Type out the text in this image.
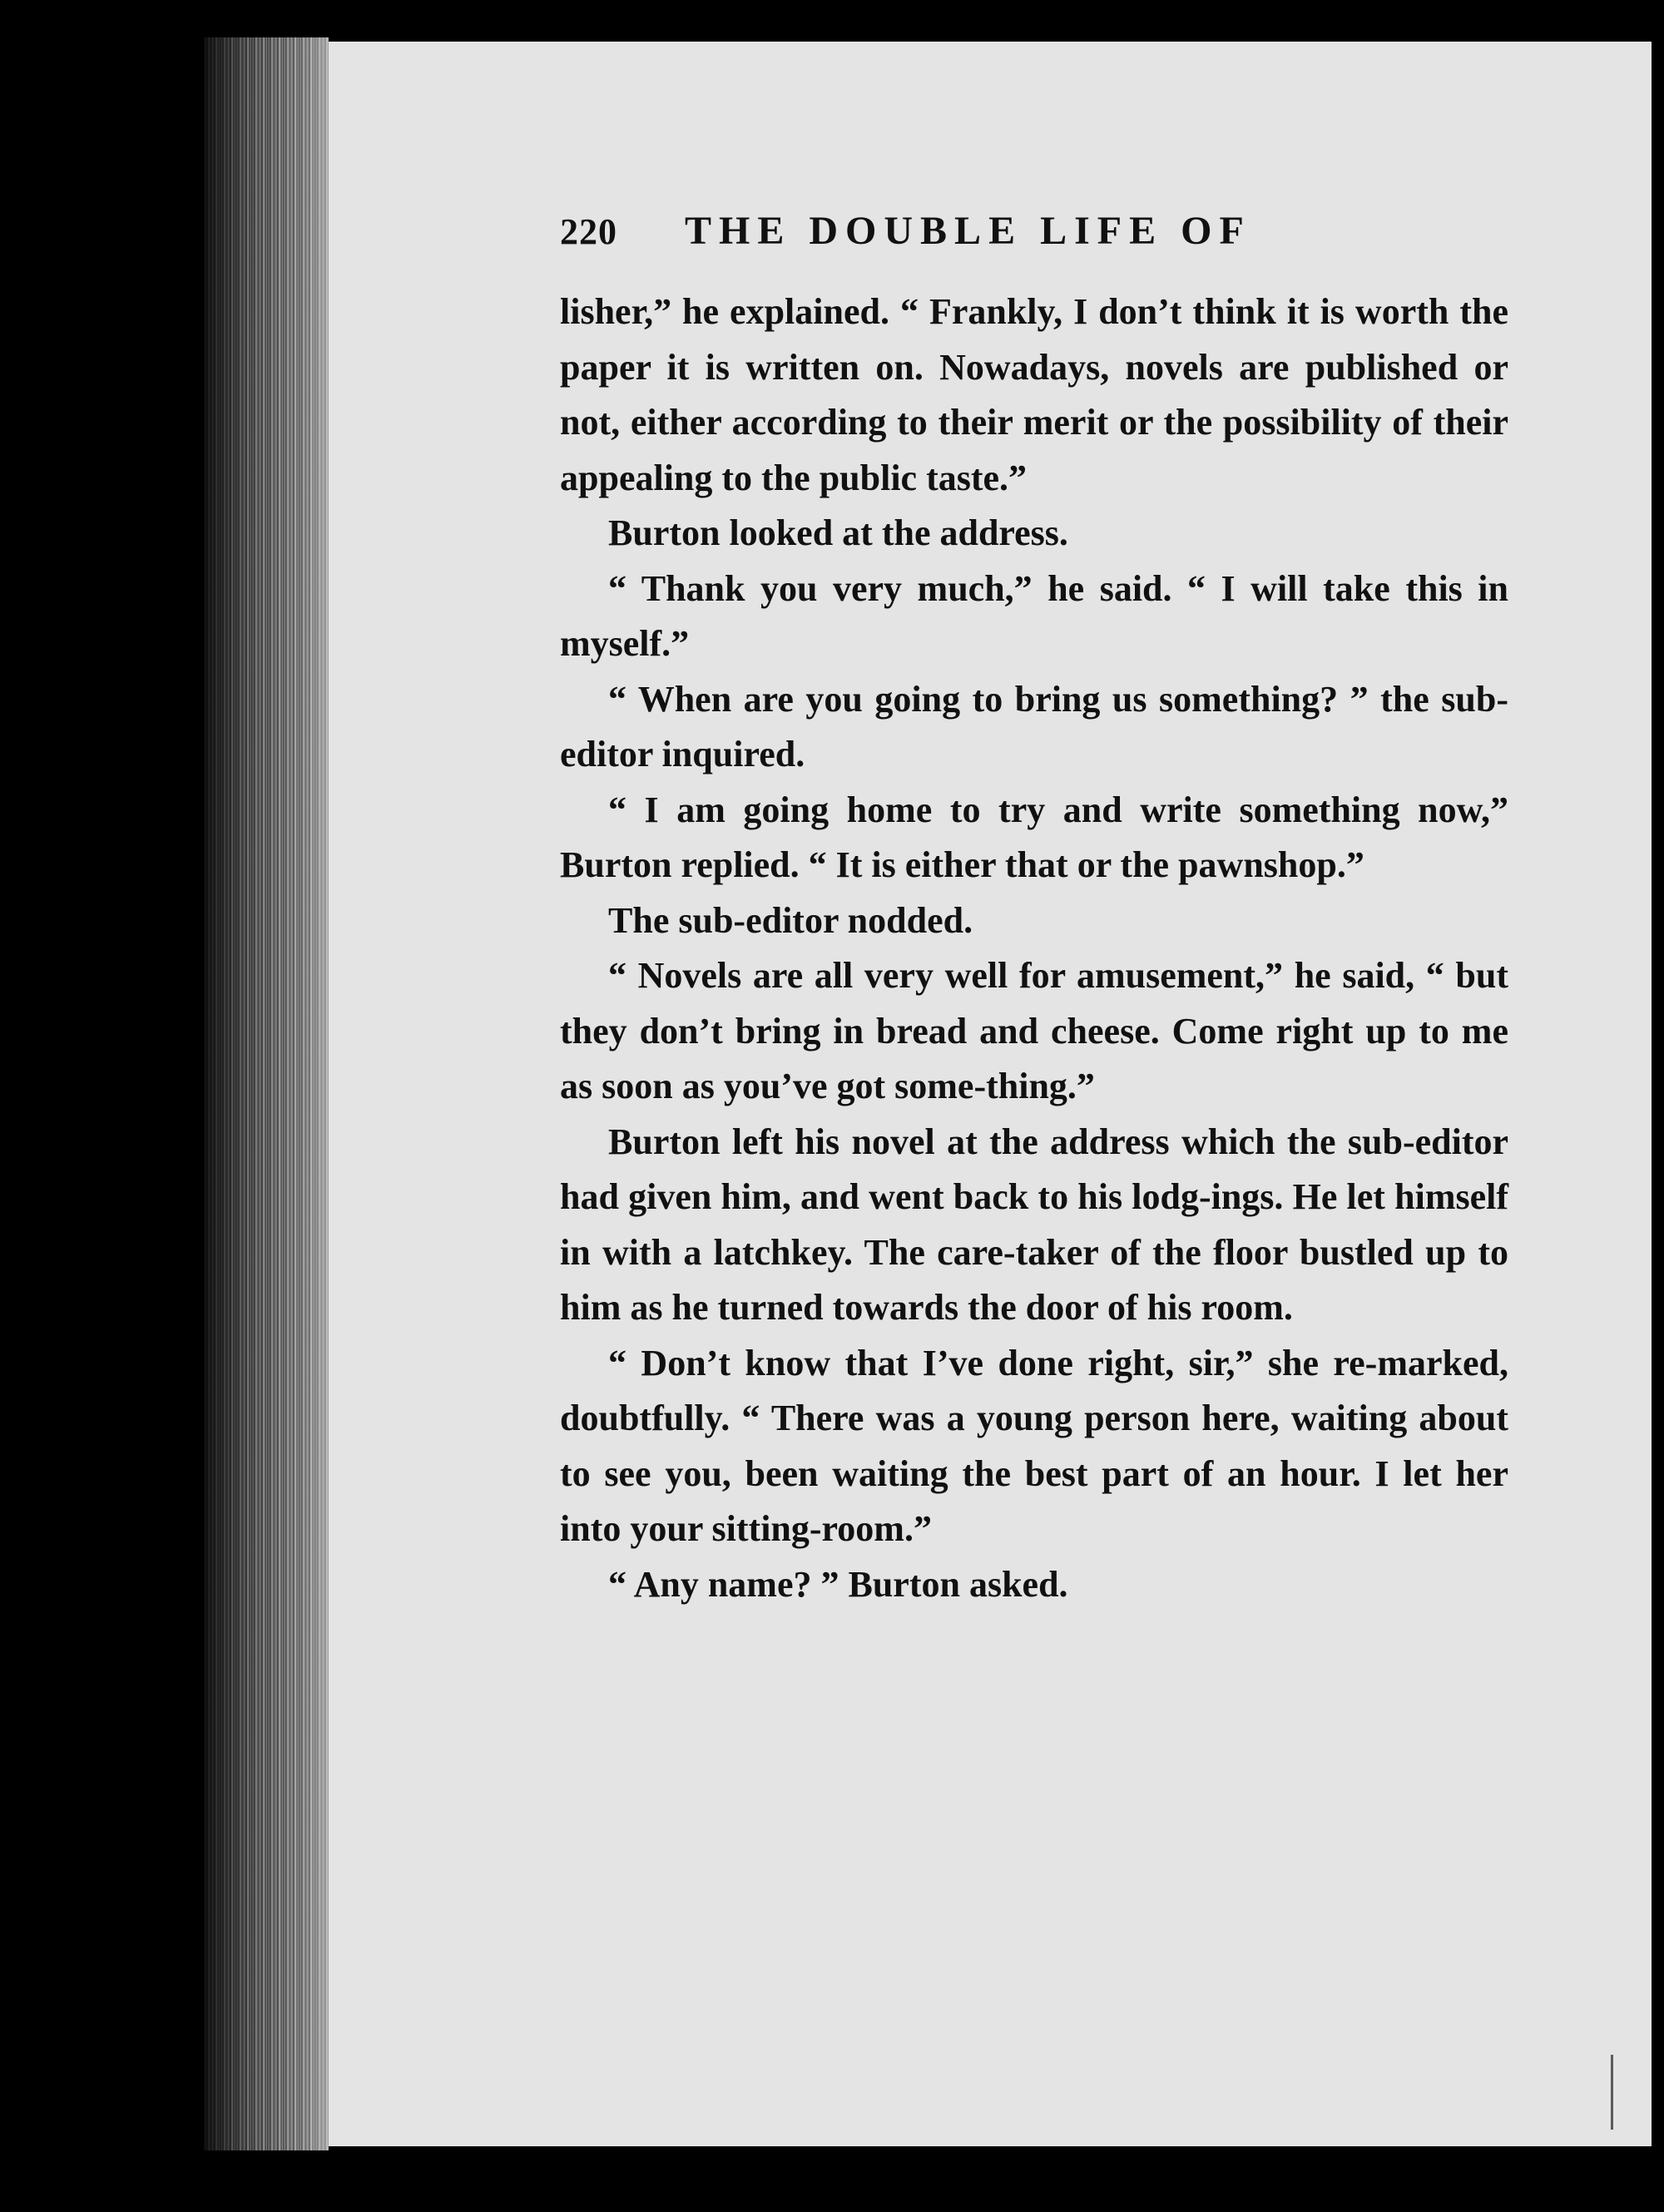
220	THE DOUBLE LIFE OF

lisher,” he explained. “ Frankly, I don’t think it is worth the paper it is written on. Nowadays, novels are published or not, either according to their merit or the possibility of their appealing to the public taste.”

Burton looked at the address.

“ Thank you very much,” he said. “ I will take this in myself.”

“ When are you going to bring us something? ” the sub-editor inquired.

“ I am going home to try and write something now,” Burton replied. “ It is either that or the pawnshop.”

The sub-editor nodded.

“ Novels are all very well for amusement,” he said, “ but they don’t bring in bread and cheese. Come right up to me as soon as you’ve got some-thing.”

Burton left his novel at the address which the sub-editor had given him, and went back to his lodg-ings. He let himself in with a latchkey. The care-taker of the floor bustled up to him as he turned towards the door of his room.

“ Don’t know that I’ve done right, sir,” she re-marked, doubtfully. “ There was a young person here, waiting about to see you, been waiting the best part of an hour. I let her into your sitting-room.”

“ Any name? ” Burton asked.
